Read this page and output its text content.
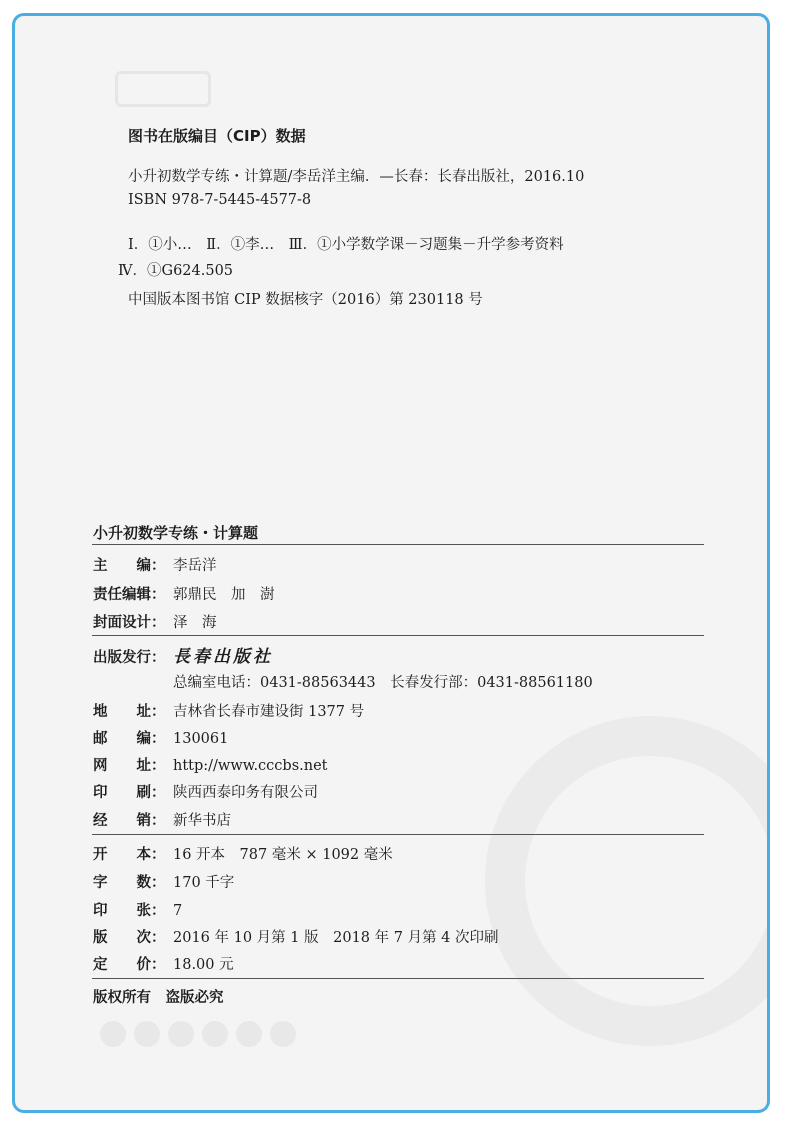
图书在版编目（CIP）数据
小升初数学专练・计算题/李岳洋主编．—长春：长春出版社，2016.10
ISBN 978-7-5445-4577-8
Ⅰ．①小…　Ⅱ．①李…　Ⅲ．①小学数学课－习题集－升学参考资料
Ⅳ．①G624.505
中国版本图书馆 CIP 数据核字（2016）第 230118 号
小升初数学专练・计算题
主　　编： 李岳洋
责任编辑： 郭鼎民　加　澍
封面设计： 泽　海
出版发行： 長春出版社
总编室电话：0431-88563443　长春发行部：0431-88561180
地　　址： 吉林省长春市建设街 1377 号
邮　　编： 130061
网　　址： http://www.cccbs.net
印　　刷： 陕西西泰印务有限公司
经　　销： 新华书店
开　　本： 16 开本　787 毫米 × 1092 毫米
字　　数： 170 千字
印　　张： 7
版　　次： 2016 年 10 月第 1 版　2018 年 7 月第 4 次印刷
定　　价： 18.00 元
版权所有　盗版必究
